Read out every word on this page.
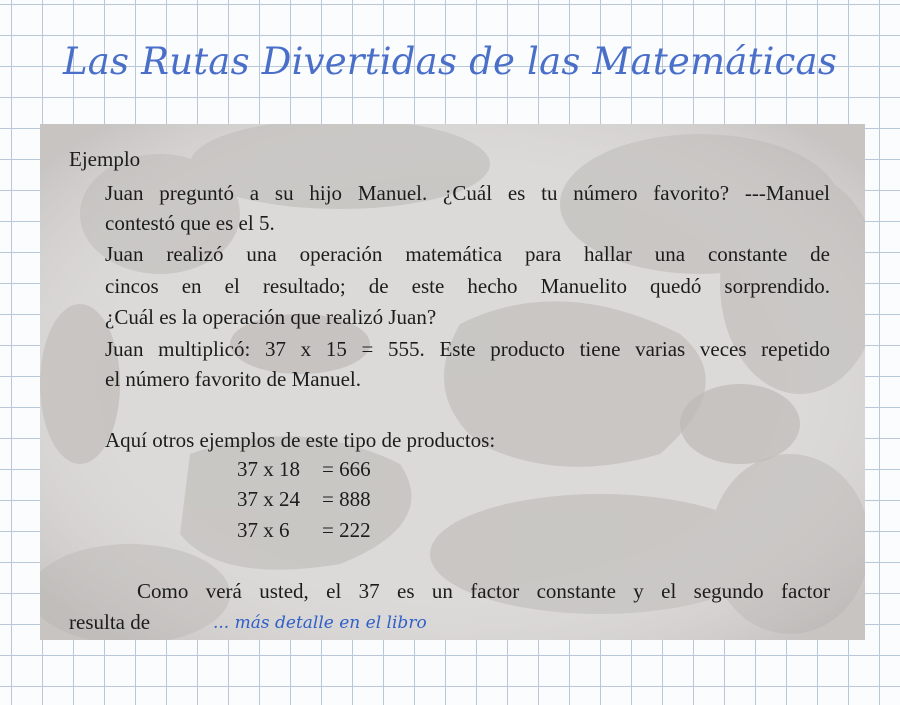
Las Rutas Divertidas de las Matemáticas
Ejemplo
Juan preguntó a su hijo Manuel. ¿Cuál es tu número favorito? ---Manuel
contestó que es el 5.
Juan realizó una operación matemática para hallar una constante de
cincos en el resultado; de este hecho Manuelito quedó sorprendido.
¿Cuál es la operación que realizó Juan?
Juan multiplicó: 37 x 15 = 555. Este producto tiene varias veces repetido
el número favorito de Manuel.
Aquí otros ejemplos de este tipo de productos:
37 x 18 = 666
37 x 24 = 888
37 x 6 = 222
Como verá usted, el 37 es un factor constante y el segundo factor
resulta de	... más detalle en el libro
